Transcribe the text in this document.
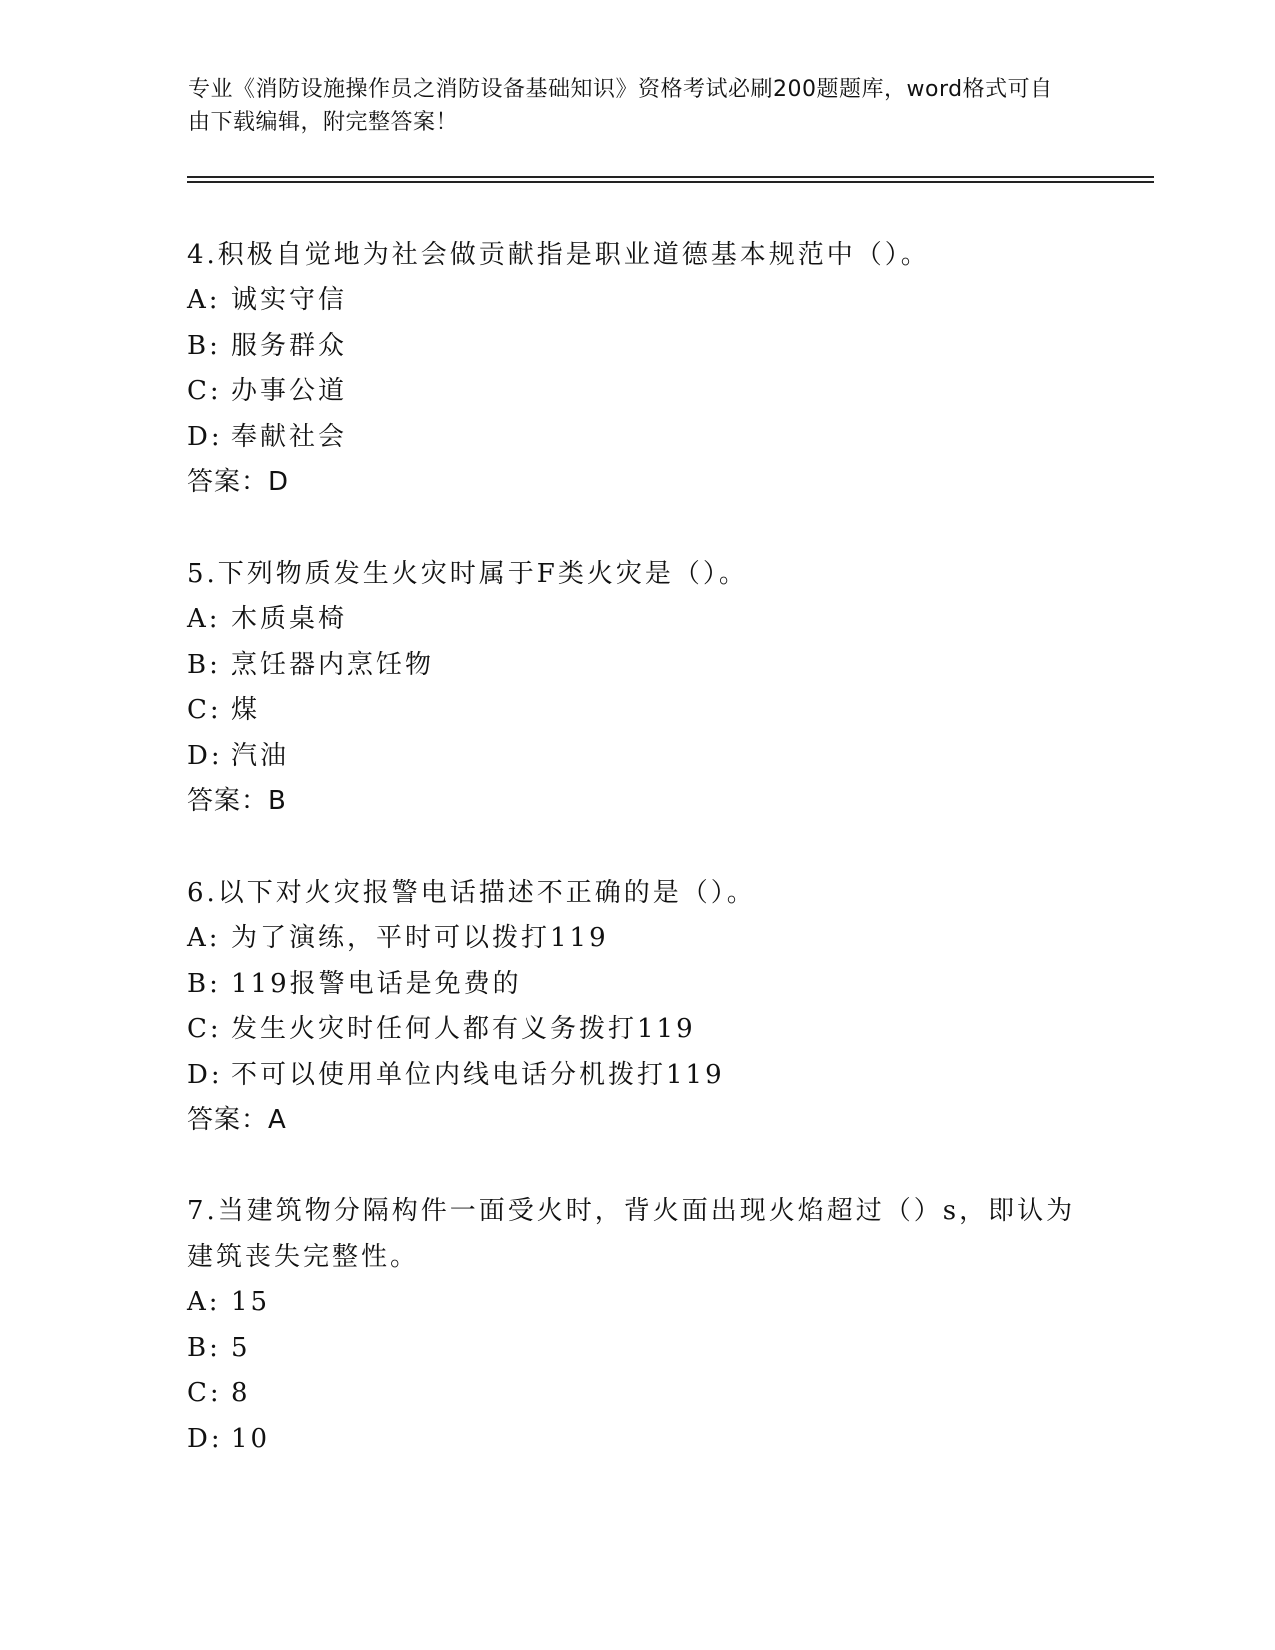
专业《消防设施操作员之消防设备基础知识》资格考试必刷200题题库，word格式可自由下载编辑，附完整答案！

4.积极自觉地为社会做贡献指是职业道德基本规范中（）。

A: 诚实守信
B: 服务群众
C: 办事公道
D: 奉献社会
答案：D

5.下列物质发生火灾时属于F类火灾是（）。

A: 木质桌椅
B: 烹饪器内烹饪物
C: 煤
D: 汽油
答案：B

6.以下对火灾报警电话描述不正确的是（）。

A: 为了演练，平时可以拨打119
B: 119报警电话是免费的
C: 发生火灾时任何人都有义务拨打119
D: 不可以使用单位内线电话分机拨打119
答案：A

7.当建筑物分隔构件一面受火时，背火面出现火焰超过（）s，即认为建筑丧失完整性。

A: 15
B: 5
C: 8
D: 10
